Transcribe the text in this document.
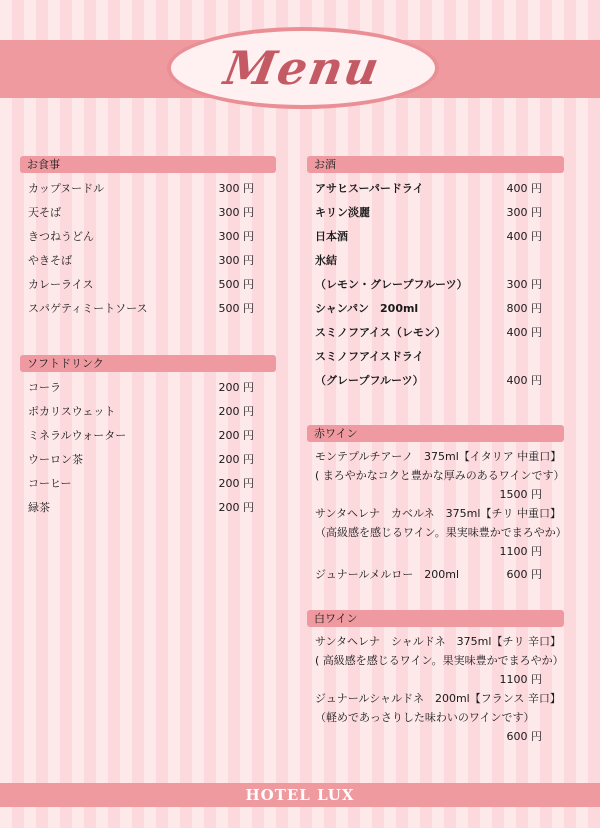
Menu
お食事
カップヌードル	300 円
天そば	300 円
きつねうどん	300 円
やきそば	300 円
カレーライス	500 円
スパゲティミートソース	500 円
ソフトドリンク
コーラ	200 円
ポカリスウェット	200 円
ミネラルウォーター	200 円
ウーロン茶	200 円
コーヒー	200 円
緑茶	200 円
お酒
アサヒスーパードライ	400 円
キリン淡麗	300 円
日本酒	400 円
氷結
（レモン・グレープフルーツ）	300 円
シャンパン　200ml	800 円
スミノフアイス（レモン）	400 円
スミノフアイスドライ
（グレープフルーツ）	400 円
赤ワイン
モンテプルチアーノ　375ml【イタリア 中重口】
( まろやかなコクと豊かな厚みのあるワインです）
1500 円
サンタヘレナ　カベルネ　375ml【チリ 中重口】
（高級感を感じるワイン。果実味豊かでまろやか）
1100 円
ジュナールメルロー　200ml	600 円
白ワイン
サンタヘレナ　シャルドネ　375ml【チリ 辛口】
( 高級感を感じるワイン。果実味豊かでまろやか）
1100 円
ジュナールシャルドネ　200ml【フランス 辛口】
（軽めであっさりした味わいのワインです）
600 円
HOTEL LUX
